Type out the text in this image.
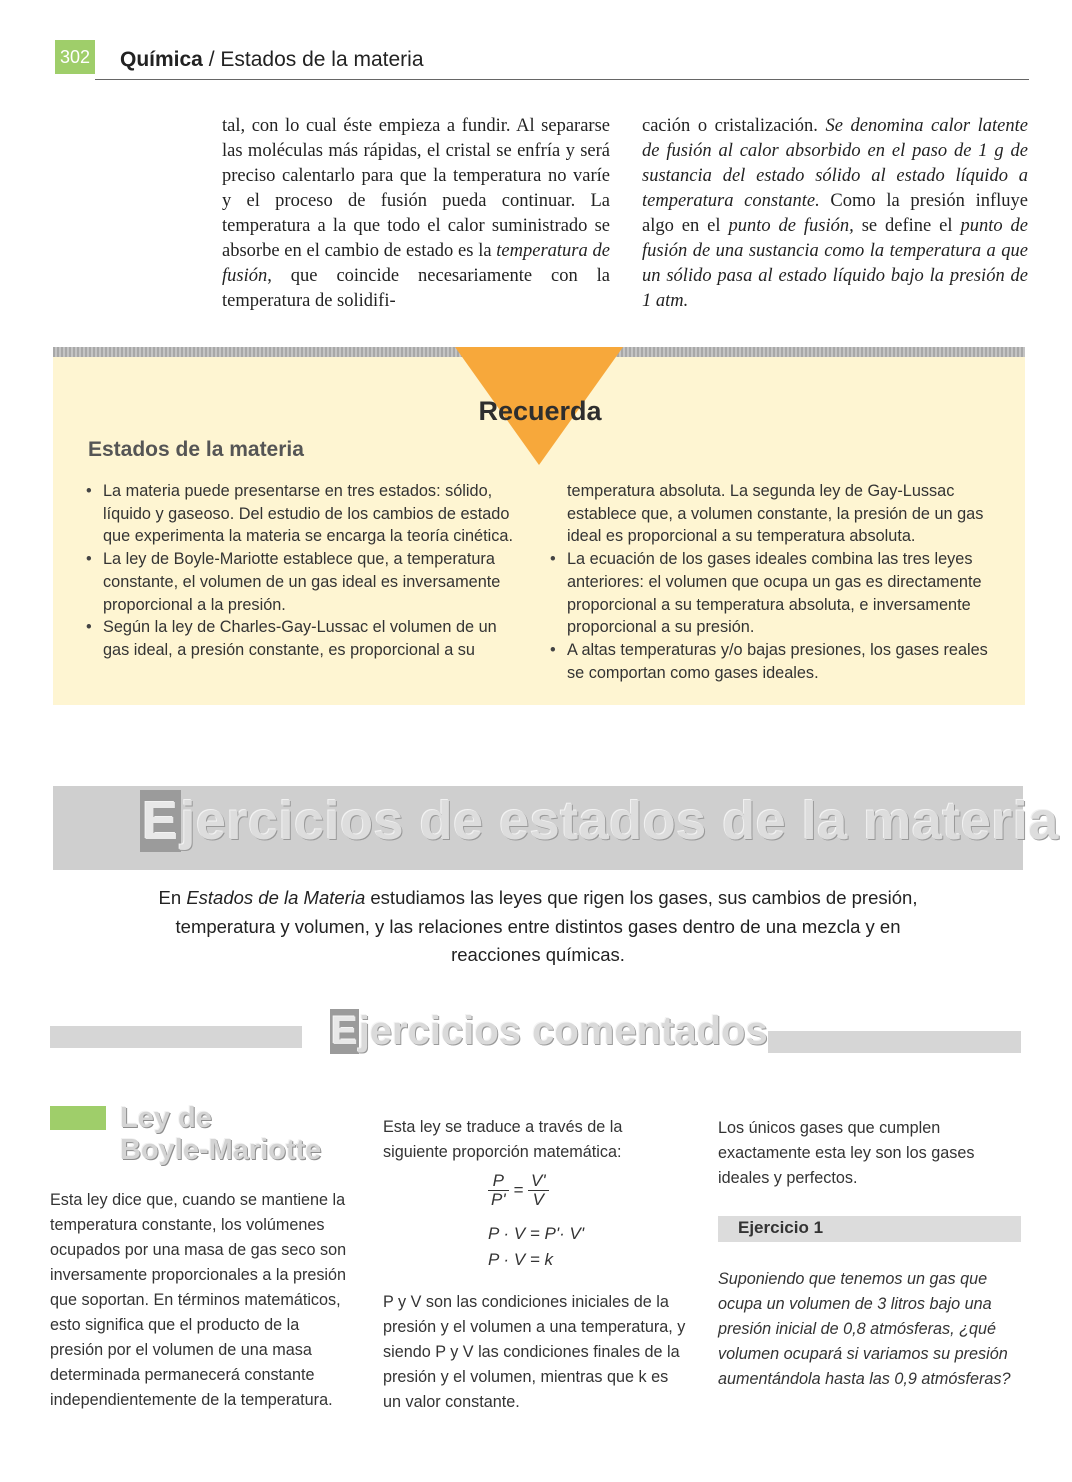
302 Química / Estados de la materia

tal, con lo cual éste empieza a fundir. Al separarse las moléculas más rápidas, el cristal se enfría y será preciso calentarlo para que la temperatura no varíe y el proceso de fusión pueda continuar. La temperatura a la que todo el calor suministrado se absorbe en el cambio de estado es la temperatura de fusión, que coincide necesariamente con la temperatura de solidifi-

cación o cristalización. Se denomina calor latente de fusión al calor absorbido en el paso de 1 g de sustancia del estado sólido al estado líquido a temperatura constante. Como la presión influye algo en el punto de fusión, se define el punto de fusión de una sustancia como la temperatura a que un sólido pasa al estado líquido bajo la presión de 1 atm.

Recuerda
Estados de la materia
• La materia puede presentarse en tres estados: sólido, líquido y gaseoso. Del estudio de los cambios de estado que experimenta la materia se encarga la teoría cinética.
• La ley de Boyle-Mariotte establece que, a temperatura constante, el volumen de un gas ideal es inversamente proporcional a la presión.
• Según la ley de Charles-Gay-Lussac el volumen de un gas ideal, a presión constante, es proporcional a su
temperatura absoluta. La segunda ley de Gay-Lussac establece que, a volumen constante, la presión de un gas ideal es proporcional a su temperatura absoluta.
• La ecuación de los gases ideales combina las tres leyes anteriores: el volumen que ocupa un gas es directamente proporcional a su temperatura absoluta, e inversamente proporcional a su presión.
• A altas temperaturas y/o bajas presiones, los gases reales se comportan como gases ideales.
Ejercicios de estados de la materia
En Estados de la Materia estudiamos las leyes que rigen los gases, sus cambios de presión, temperatura y volumen, y las relaciones entre distintos gases dentro de una mezcla y en reacciones químicas.
Ejercicios comentados
Ley de
Boyle-Mariotte

Esta ley dice que, cuando se mantiene la temperatura constante, los volúmenes ocupados por una masa de gas seco son inversamente proporcionales a la presión que soportan. En términos matemáticos, esto significa que el producto de la presión por el volumen de una masa determinada permanecerá constante independientemente de la temperatura.

Esta ley se traduce a través de la siguiente proporción matemática:

$\frac{P}{P'} = \frac{V'}{V}$
P · V = P'· V'
P · V = k

P y V son las condiciones iniciales de la presión y el volumen a una temperatura, y siendo P y V las condiciones finales de la presión y el volumen, mientras que k es un valor constante.

Los únicos gases que cumplen exactamente esta ley son los gases ideales y perfectos.

Ejercicio 1

Suponiendo que tenemos un gas que ocupa un volumen de 3 litros bajo una presión inicial de 0,8 atmósferas, ¿qué volumen ocupará si variamos su presión aumentándola hasta las 0,9 atmósferas?
